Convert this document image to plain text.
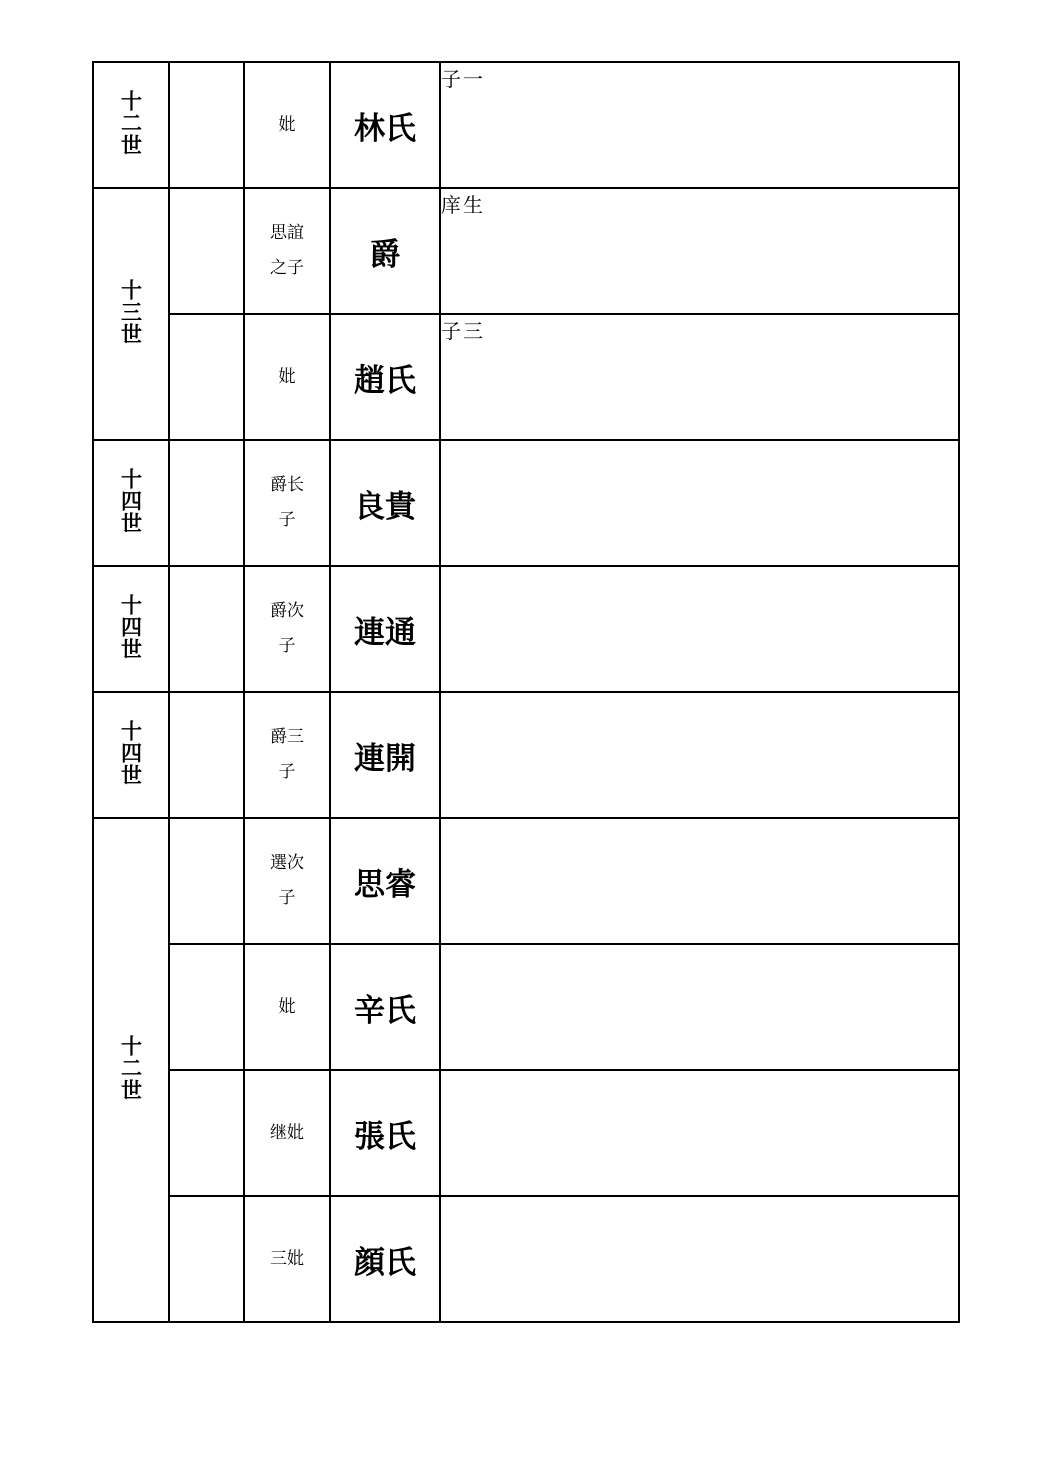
十二世		妣	林氏	子一
十三世		思誼之子	爵	庠生
		妣	趙氏	子三
十四世		爵长子	良貴	
十四世		爵次子	連通	
十四世		爵三子	連開	
十二世		選次子	思睿	
		妣	辛氏	
		继妣	張氏	
		三妣	顔氏	
